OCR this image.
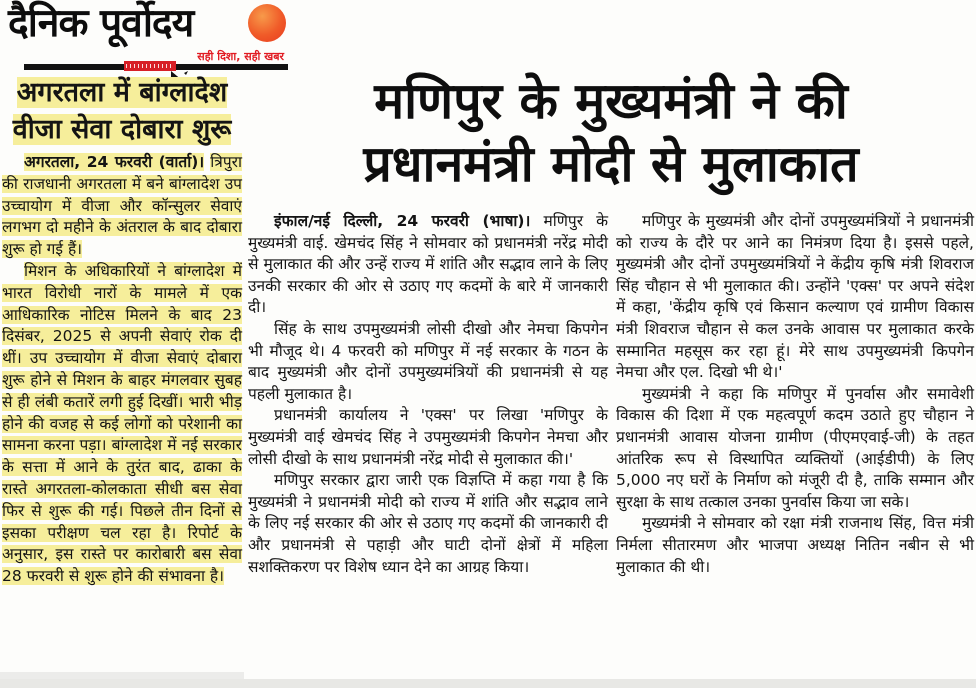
दैनिक पूर्वोदय
सही दिशा, सही खबर
अगरतला में बांग्लादेश वीजा सेवा दोबारा शुरू

अगरतला, 24 फरवरी (वार्ता)। त्रिपुरा की राजधानी अगरतला में बने बांग्लादेश उप उच्चायोग में वीजा और कॉन्सुलर सेवाएं लगभग दो महीने के अंतराल के बाद दोबारा शुरू हो गई हैं।

मिशन के अधिकारियों ने बांग्लादेश में भारत विरोधी नारों के मामले में एक आधिकारिक नोटिस मिलने के बाद 23 दिसंबर, 2025 से अपनी सेवाएं रोक दी थीं। उप उच्चायोग में वीजा सेवाएं दोबारा शुरू होने से मिशन के बाहर मंगलवार सुबह से ही लंबी कतारें लगी हुई दिखीं। भारी भीड़ होने की वजह से कई लोगों को परेशानी का सामना करना पड़ा। बांग्लादेश में नई सरकार के सत्ता में आने के तुरंत बाद, ढाका के रास्ते अगरतला-कोलकाता सीधी बस सेवा फिर से शुरू की गई। पिछले तीन दिनों से इसका परीक्षण चल रहा है। रिपोर्ट के अनुसार, इस रास्ते पर कारोबारी बस सेवा 28 फरवरी से शुरू होने की संभावना है।

मणिपुर के मुख्यमंत्री ने की
प्रधानमंत्री मोदी से मुलाकात

इंफाल/नई दिल्ली, 24 फरवरी (भाषा)। मणिपुर के मुख्यमंत्री वाई. खेमचंद सिंह ने सोमवार को प्रधानमंत्री नरेंद्र मोदी से मुलाकात की और उन्हें राज्य में शांति और सद्भाव लाने के लिए उनकी सरकार की ओर से उठाए गए कदमों के बारे में जानकारी दी।

सिंह के साथ उपमुख्यमंत्री लोसी दीखो और नेमचा किपगेन भी मौजूद थे। 4 फरवरी को मणिपुर में नई सरकार के गठन के बाद मुख्यमंत्री और दोनों उपमुख्यमंत्रियों की प्रधानमंत्री से यह पहली मुलाकात है।

प्रधानमंत्री कार्यालय ने 'एक्स' पर लिखा 'मणिपुर के मुख्यमंत्री वाई खेमचंद सिंह ने उपमुख्यमंत्री किपगेन नेमचा और लोसी दीखो के साथ प्रधानमंत्री नरेंद्र मोदी से मुलाकात की।'

मणिपुर सरकार द्वारा जारी एक विज्ञप्ति में कहा गया है कि मुख्यमंत्री ने प्रधानमंत्री मोदी को राज्य में शांति और सद्भाव लाने के लिए नई सरकार की ओर से उठाए गए कदमों की जानकारी दी और प्रधानमंत्री से पहाड़ी और घाटी दोनों क्षेत्रों में महिला सशक्तिकरण पर विशेष ध्यान देने का आग्रह किया।

मणिपुर के मुख्यमंत्री और दोनों उपमुख्यमंत्रियों ने प्रधानमंत्री को राज्य के दौरे पर आने का निमंत्रण दिया है। इससे पहले, मुख्यमंत्री और दोनों उपमुख्यमंत्रियों ने केंद्रीय कृषि मंत्री शिवराज सिंह चौहान से भी मुलाकात की। उन्होंने 'एक्स' पर अपने संदेश में कहा, 'केंद्रीय कृषि एवं किसान कल्याण एवं ग्रामीण विकास मंत्री शिवराज चौहान से कल उनके आवास पर मुलाकात करके सम्मानित महसूस कर रहा हूं। मेरे साथ उपमुख्यमंत्री किपगेन नेमचा और एल. दिखो भी थे।'

मुख्यमंत्री ने कहा कि मणिपुर में पुनर्वास और समावेशी विकास की दिशा में एक महत्वपूर्ण कदम उठाते हुए चौहान ने प्रधानमंत्री आवास योजना ग्रामीण (पीएमएवाई-जी) के तहत आंतरिक रूप से विस्थापित व्यक्तियों (आईडीपी) के लिए 5,000 नए घरों के निर्माण को मंजूरी दी है, ताकि सम्मान और सुरक्षा के साथ तत्काल उनका पुनर्वास किया जा सके।

मुख्यमंत्री ने सोमवार को रक्षा मंत्री राजनाथ सिंह, वित्त मंत्री निर्मला सीतारमण और भाजपा अध्यक्ष नितिन नबीन से भी मुलाकात की थी।
